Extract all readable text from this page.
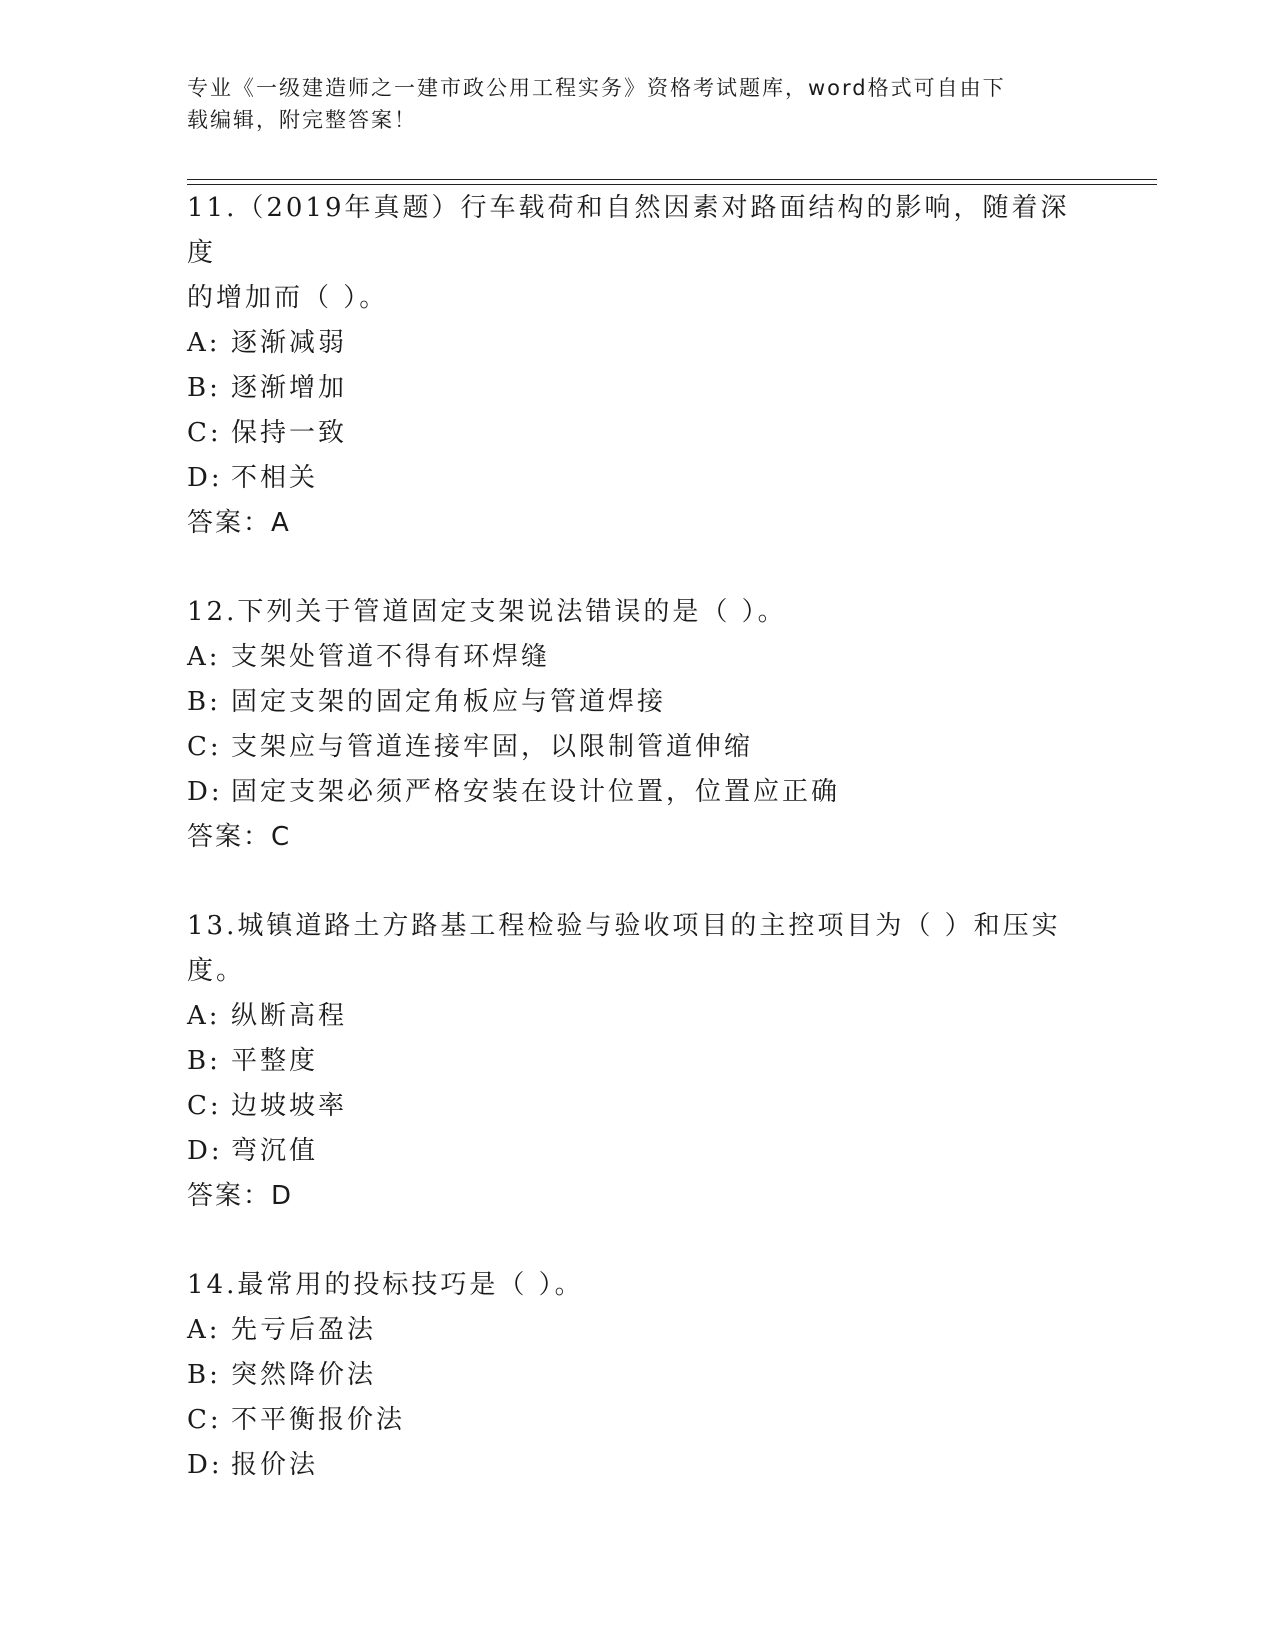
专业《一级建造师之一建市政公用工程实务》资格考试题库，word格式可自由下
载编辑，附完整答案！

11.（2019年真题）行车载荷和自然因素对路面结构的影响，随着深度

的增加而（ ）。

A: 逐渐减弱

B: 逐渐增加

C: 保持一致

D: 不相关

答案：A

12.下列关于管道固定支架说法错误的是（ ）。

A: 支架处管道不得有环焊缝

B: 固定支架的固定角板应与管道焊接

C: 支架应与管道连接牢固，以限制管道伸缩

D: 固定支架必须严格安装在设计位置，位置应正确

答案：C

13.城镇道路土方路基工程检验与验收项目的主控项目为（ ）和压实

度。

A: 纵断高程

B: 平整度

C: 边坡坡率

D: 弯沉值

答案：D

14.最常用的投标技巧是（ ）。

A: 先亏后盈法

B: 突然降价法

C: 不平衡报价法

D: 报价法
